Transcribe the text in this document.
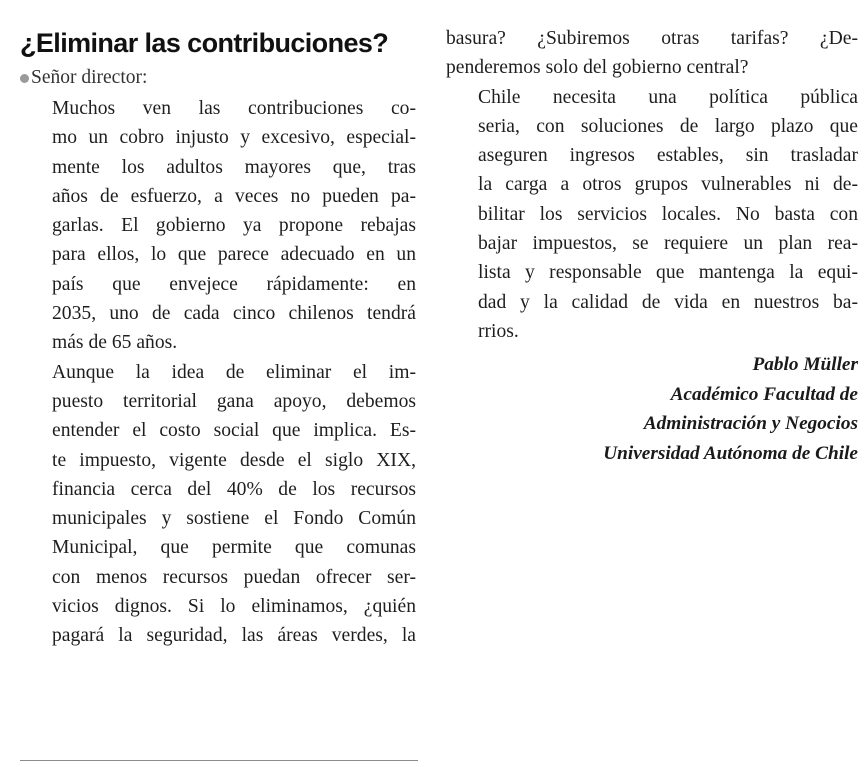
¿Eliminar las contribuciones?
Señor director:
Muchos ven las contribuciones co-
mo un cobro injusto y excesivo, especial-
mente los adultos mayores que, tras
años de esfuerzo, a veces no pueden pa-
garlas. El gobierno ya propone rebajas
para ellos, lo que parece adecuado en un
país que envejece rápidamente: en
2035, uno de cada cinco chilenos tendrá
más de 65 años.
Aunque la idea de eliminar el im-
puesto territorial gana apoyo, debemos
entender el costo social que implica. Es-
te impuesto, vigente desde el siglo XIX,
financia cerca del 40% de los recursos
municipales y sostiene el Fondo Común
Municipal, que permite que comunas
con menos recursos puedan ofrecer ser-
vicios dignos. Si lo eliminamos, ¿quién
pagará la seguridad, las áreas verdes, la
basura? ¿Subiremos otras tarifas? ¿De-
penderemos solo del gobierno central?
Chile necesita una política pública
seria, con soluciones de largo plazo que
aseguren ingresos estables, sin trasladar
la carga a otros grupos vulnerables ni de-
bilitar los servicios locales. No basta con
bajar impuestos, se requiere un plan rea-
lista y responsable que mantenga la equi-
dad y la calidad de vida en nuestros ba-
rrios.
Pablo Müller
Académico Facultad de
Administración y Negocios
Universidad Autónoma de Chile
